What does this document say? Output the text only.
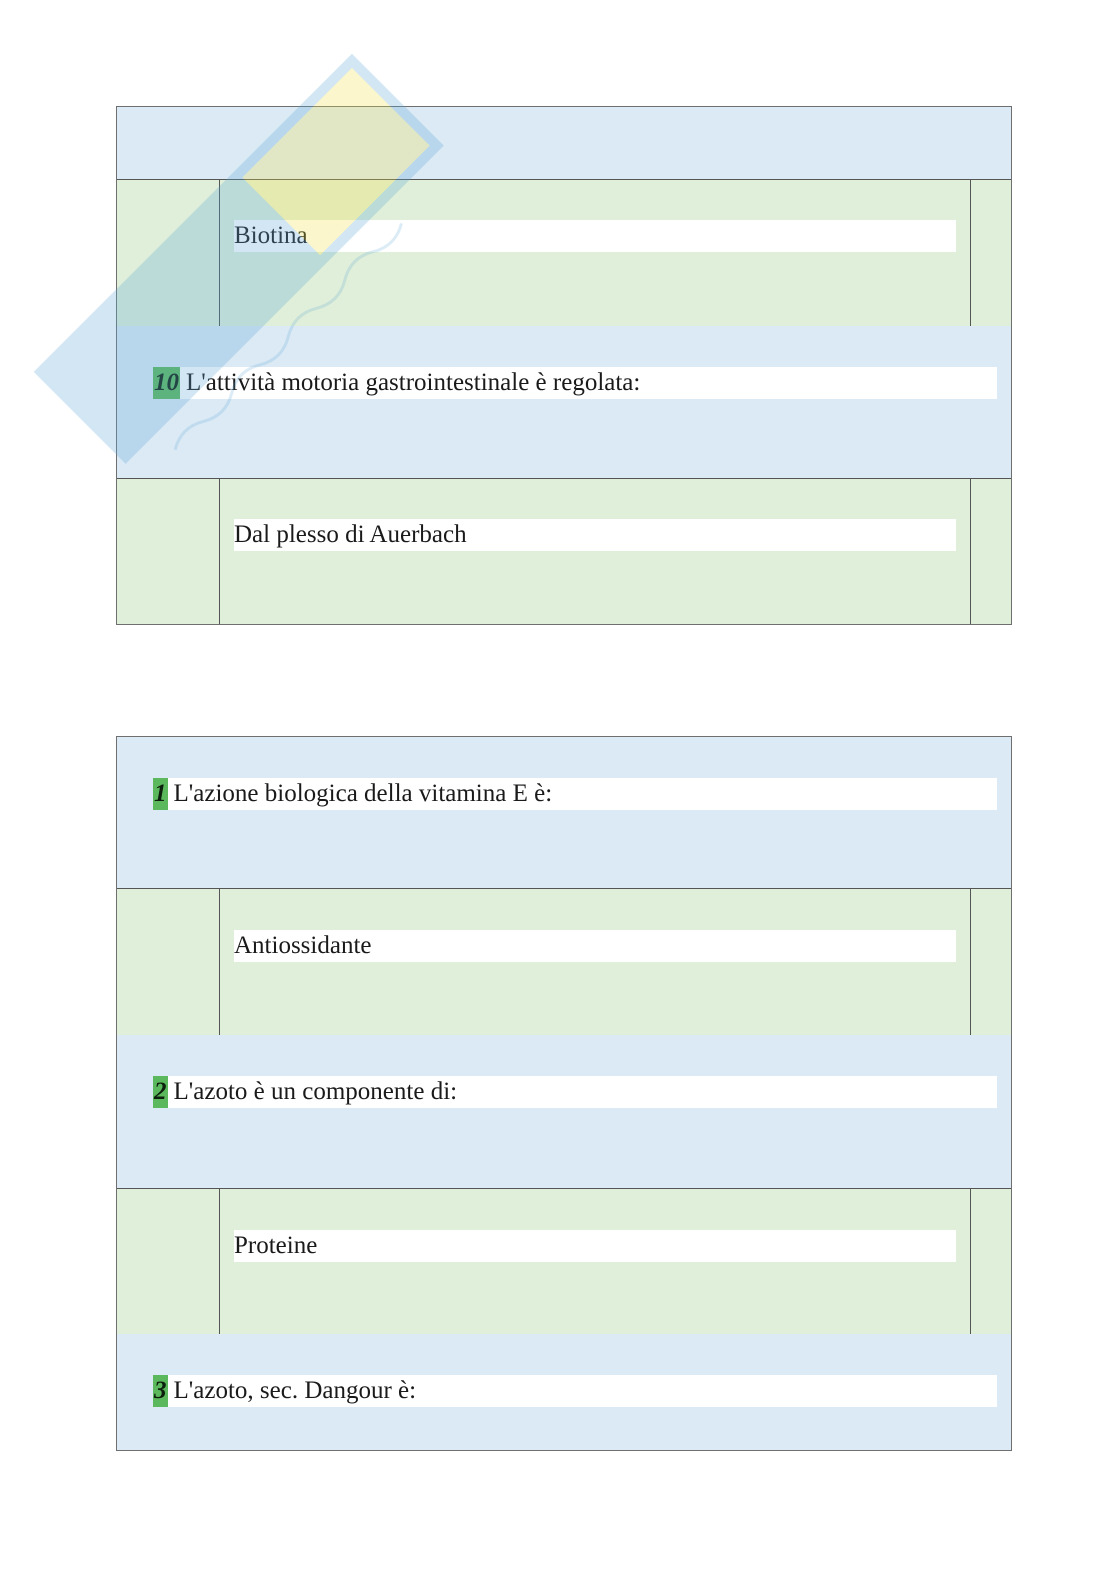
Biotina
10 L'attività motoria gastrointestinale è regolata:
Dal plesso di Auerbach
1 L'azione biologica della vitamina E è:
Antiossidante
2 L'azoto è un componente di:
Proteine
3 L'azoto, sec. Dangour è:
